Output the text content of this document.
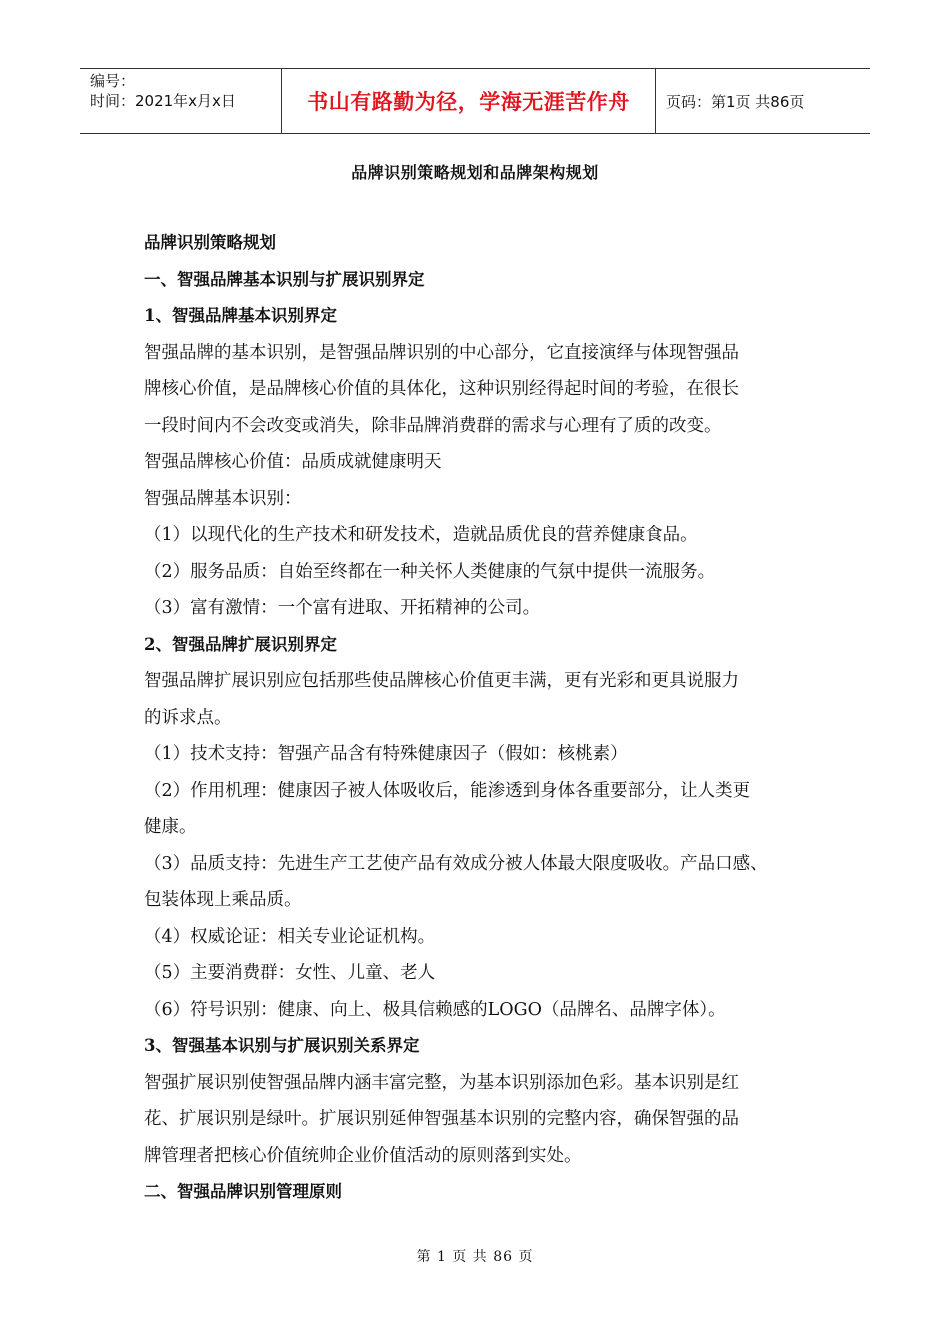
编号：
时间：2021年x月x日	书山有路勤为径，学海无涯苦作舟	页码：第1页 共86页
品牌识别策略规划和品牌架构规划

品牌识别策略规划

一、智强品牌基本识别与扩展识别界定

1、智强品牌基本识别界定

智强品牌的基本识别，是智强品牌识别的中心部分，它直接演绎与体现智强品

牌核心价值，是品牌核心价值的具体化，这种识别经得起时间的考验，在很长

一段时间内不会改变或消失，除非品牌消费群的需求与心理有了质的改变。

智强品牌核心价值：品质成就健康明天

智强品牌基本识别：

（1）以现代化的生产技术和研发技术，造就品质优良的营养健康食品。

（2）服务品质：自始至终都在一种关怀人类健康的气氛中提供一流服务。

（3）富有激情：一个富有进取、开拓精神的公司。

2、智强品牌扩展识别界定

智强品牌扩展识别应包括那些使品牌核心价值更丰满，更有光彩和更具说服力

的诉求点。

（1）技术支持：智强产品含有特殊健康因子（假如：核桃素）

（2）作用机理：健康因子被人体吸收后，能渗透到身体各重要部分，让人类更

健康。

（3）品质支持：先进生产工艺使产品有效成分被人体最大限度吸收。产品口感、

包装体现上乘品质。

（4）权威论证：相关专业论证机构。

（5）主要消费群：女性、儿童、老人

（6）符号识别：健康、向上、极具信赖感的LOGO（品牌名、品牌字体）。

3、智强基本识别与扩展识别关系界定

智强扩展识别使智强品牌内涵丰富完整，为基本识别添加色彩。基本识别是红

花、扩展识别是绿叶。扩展识别延伸智强基本识别的完整内容，确保智强的品

牌管理者把核心价值统帅企业价值活动的原则落到实处。

二、智强品牌识别管理原则

第 1 页 共 86 页
